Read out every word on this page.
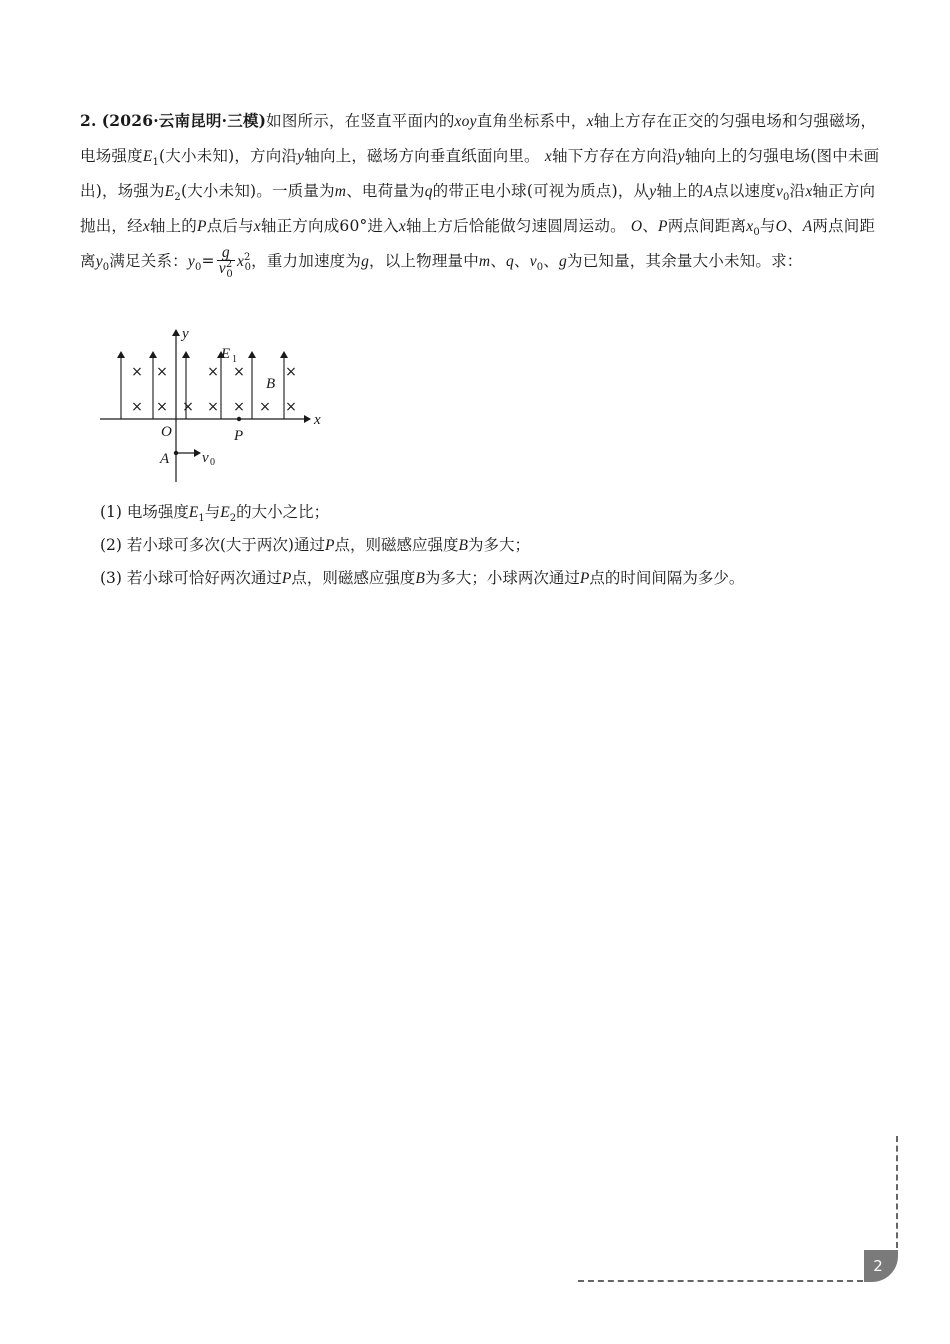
2. (2026·云南昆明·三模)如图所示，在竖直平面内的xoy直角坐标系中，x轴上方存在正交的匀强电场和匀强磁场，电场强度$E_1$(大小未知)，方向沿y轴向上，磁场方向垂直纸面向里。 x轴下方存在方向沿y轴向上的匀强电场(图中未画出)，场强为$E_2$(大小未知)。一质量为m、电荷量为q的带正电小球(可视为质点)，从y轴上的A点以速度$v_0$沿x轴正方向抛出，经x轴上的P点后与x轴正方向成60°进入x轴上方后恰能做匀速圆周运动。 O、P两点间距离$x_0$与O、A两点间距离$y_0$满足关系：$y_0= \frac{g}{v^2_0} x^2_0$，重力加速度为g，以上物理量中m、q、$v_0$、g为已知量，其余量大小未知。求：

× ×	× ×	×
× × × × × × ×
y
x
O	P
A
E
B
v
1
0

(1) 电场强度$E_1$与$E_2$的大小之比；

(2) 若小球可多次(大于两次)通过P点，则磁感应强度B为多大；

(3) 若小球可恰好两次通过P点，则磁感应强度B为多大；小球两次通过P点的时间间隔为多少。

2
